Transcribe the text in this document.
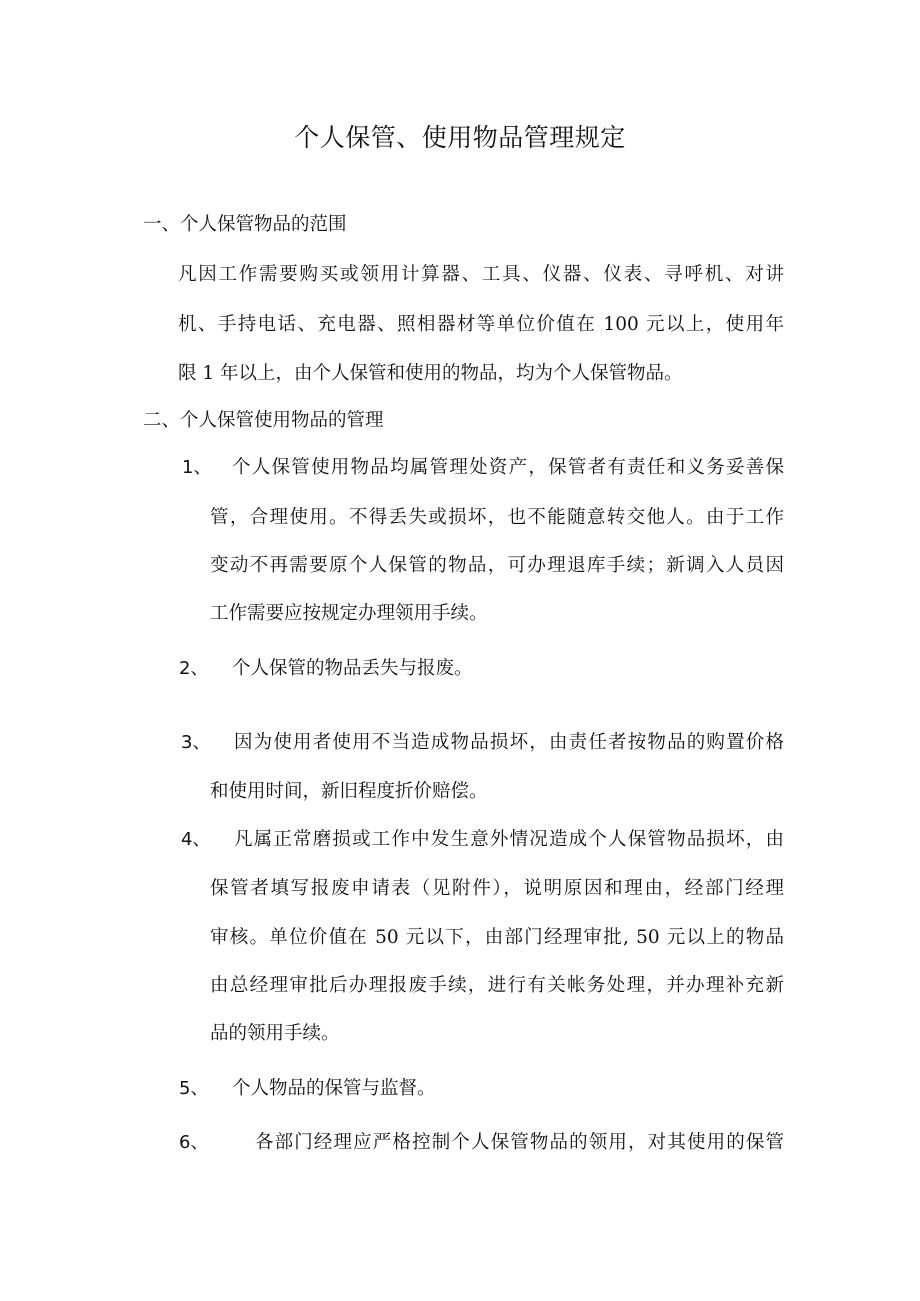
个人保管、使用物品管理规定
一、个人保管物品的范围
凡因工作需要购买或领用计算器、工具、仪器、仪表、寻呼机、对讲
机、手持电话、充电器、照相器材等单位价值在 100 元以上，使用年
限 1 年以上，由个人保管和使用的物品，均为个人保管物品。
二、个人保管使用物品的管理
1、 个人保管使用物品均属管理处资产，保管者有责任和义务妥善保
管，合理使用。不得丢失或损坏，也不能随意转交他人。由于工作
变动不再需要原个人保管的物品，可办理退库手续；新调入人员因
工作需要应按规定办理领用手续。
2、 个人保管的物品丢失与报废。
3、 因为使用者使用不当造成物品损坏，由责任者按物品的购置价格
和使用时间，新旧程度折价赔偿。
4、 凡属正常磨损或工作中发生意外情况造成个人保管物品损坏，由
保管者填写报废申请表（见附件），说明原因和理由，经部门经理
审核。单位价值在 50 元以下，由部门经理审批, 50 元以上的物品
由总经理审批后办理报废手续，进行有关帐务处理，并办理补充新
品的领用手续。
5、 个人物品的保管与监督。
6、	各部门经理应严格控制个人保管物品的领用，对其使用的保管
